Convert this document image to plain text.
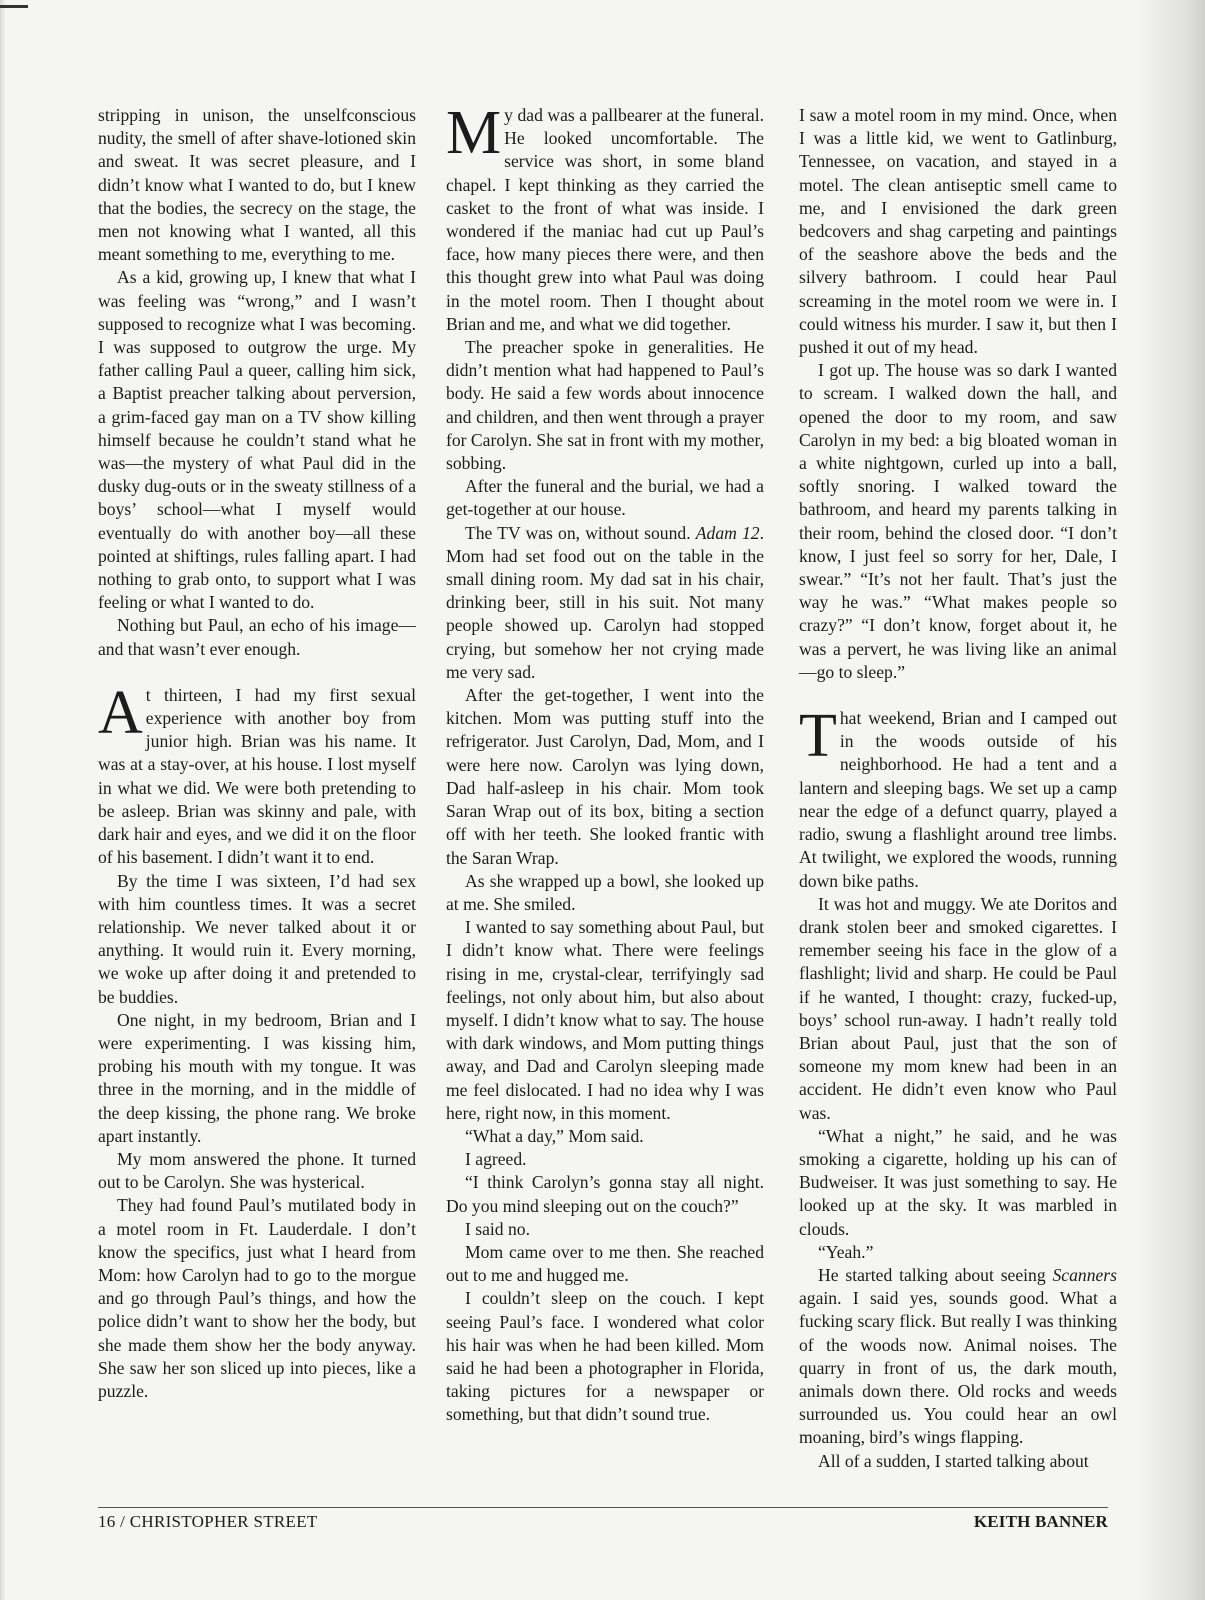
stripping in unison, the unselfconscious nudity, the smell of after shave-lotioned skin and sweat. It was secret pleasure, and I didn’t know what I wanted to do, but I knew that the bodies, the secrecy on the stage, the men not knowing what I wanted, all this meant something to me, everything to me.

As a kid, growing up, I knew that what I was feeling was “wrong,” and I wasn’t supposed to recognize what I was becoming. I was supposed to outgrow the urge. My father calling Paul a queer, calling him sick, a Baptist preacher talking about perversion, a grim-faced gay man on a TV show killing himself because he couldn’t stand what he was—the mystery of what Paul did in the dusky dug-outs or in the sweaty stillness of a boys’ school—what I myself would eventually do with another boy—all these pointed at shiftings, rules falling apart. I had nothing to grab onto, to support what I was feeling or what I wanted to do.

Nothing but Paul, an echo of his image—and that wasn’t ever enough.

At thirteen, I had my first sexual experience with another boy from junior high. Brian was his name. It was at a stay-over, at his house. I lost myself in what we did. We were both pretending to be asleep. Brian was skinny and pale, with dark hair and eyes, and we did it on the floor of his basement. I didn’t want it to end.

By the time I was sixteen, I’d had sex with him countless times. It was a secret relationship. We never talked about it or anything. It would ruin it. Every morning, we woke up after doing it and pretended to be buddies.

One night, in my bedroom, Brian and I were experimenting. I was kissing him, probing his mouth with my tongue. It was three in the morning, and in the middle of the deep kissing, the phone rang. We broke apart instantly.

My mom answered the phone. It turned out to be Carolyn. She was hysterical.

They had found Paul’s mutilated body in a motel room in Ft. Lauderdale. I don’t know the specifics, just what I heard from Mom: how Carolyn had to go to the morgue and go through Paul’s things, and how the police didn’t want to show her the body, but she made them show her the body anyway. She saw her son sliced up into pieces, like a puzzle.

My dad was a pallbearer at the funeral. He looked uncomfortable. The service was short, in some bland chapel. I kept thinking as they carried the casket to the front of what was inside. I wondered if the maniac had cut up Paul’s face, how many pieces there were, and then this thought grew into what Paul was doing in the motel room. Then I thought about Brian and me, and what we did together.

The preacher spoke in generalities. He didn’t mention what had happened to Paul’s body. He said a few words about innocence and children, and then went through a prayer for Carolyn. She sat in front with my mother, sobbing.

After the funeral and the burial, we had a get-together at our house.

The TV was on, without sound. Adam 12. Mom had set food out on the table in the small dining room. My dad sat in his chair, drinking beer, still in his suit. Not many people showed up. Carolyn had stopped crying, but somehow her not crying made me very sad.

After the get-together, I went into the kitchen. Mom was putting stuff into the refrigerator. Just Carolyn, Dad, Mom, and I were here now. Carolyn was lying down, Dad half-asleep in his chair. Mom took Saran Wrap out of its box, biting a section off with her teeth. She looked frantic with the Saran Wrap.

As she wrapped up a bowl, she looked up at me. She smiled.

I wanted to say something about Paul, but I didn’t know what. There were feelings rising in me, crystal-clear, terrifyingly sad feelings, not only about him, but also about myself. I didn’t know what to say. The house with dark windows, and Mom putting things away, and Dad and Carolyn sleeping made me feel dislocated. I had no idea why I was here, right now, in this moment.

“What a day,” Mom said.

I agreed.

“I think Carolyn’s gonna stay all night. Do you mind sleeping out on the couch?”

I said no.

Mom came over to me then. She reached out to me and hugged me.

I couldn’t sleep on the couch. I kept seeing Paul’s face. I wondered what color his hair was when he had been killed. Mom said he had been a photographer in Florida, taking pictures for a newspaper or something, but that didn’t sound true.

I saw a motel room in my mind. Once, when I was a little kid, we went to Gatlinburg, Tennessee, on vacation, and stayed in a motel. The clean antiseptic smell came to me, and I envisioned the dark green bedcovers and shag carpeting and paintings of the seashore above the beds and the silvery bathroom. I could hear Paul screaming in the motel room we were in. I could witness his murder. I saw it, but then I pushed it out of my head.

I got up. The house was so dark I wanted to scream. I walked down the hall, and opened the door to my room, and saw Carolyn in my bed: a big bloated woman in a white nightgown, curled up into a ball, softly snoring. I walked toward the bathroom, and heard my parents talking in their room, behind the closed door. “I don’t know, I just feel so sorry for her, Dale, I swear.” “It’s not her fault. That’s just the way he was.” “What makes people so crazy?” “I don’t know, forget about it, he was a pervert, he was living like an animal—go to sleep.”

That weekend, Brian and I camped out in the woods outside of his neighborhood. He had a tent and a lantern and sleeping bags. We set up a camp near the edge of a defunct quarry, played a radio, swung a flashlight around tree limbs. At twilight, we explored the woods, running down bike paths.

It was hot and muggy. We ate Doritos and drank stolen beer and smoked cigarettes. I remember seeing his face in the glow of a flashlight; livid and sharp. He could be Paul if he wanted, I thought: crazy, fucked-up, boys’ school run-away. I hadn’t really told Brian about Paul, just that the son of someone my mom knew had been in an accident. He didn’t even know who Paul was.

“What a night,” he said, and he was smoking a cigarette, holding up his can of Budweiser. It was just something to say. He looked up at the sky. It was marbled in clouds.

“Yeah.”

He started talking about seeing Scanners again. I said yes, sounds good. What a fucking scary flick. But really I was thinking of the woods now. Animal noises. The quarry in front of us, the dark mouth, animals down there. Old rocks and weeds surrounded us. You could hear an owl moaning, bird’s wings flapping.

All of a sudden, I started talking about

16 / CHRISTOPHER STREET	KEITH BANNER
